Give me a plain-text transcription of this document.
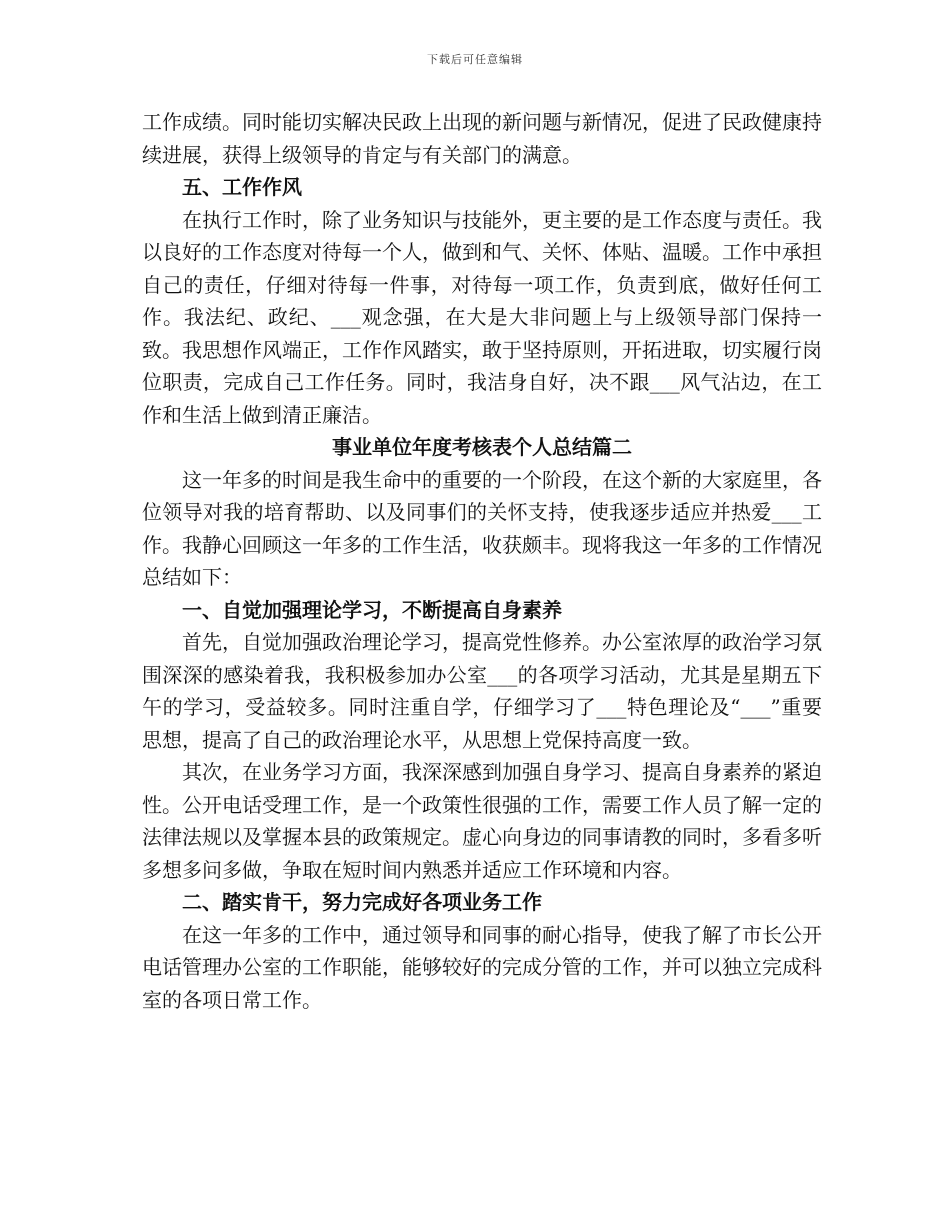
下载后可任意编辑

工作成绩。同时能切实解决民政上出现的新问题与新情况，促进了民政健康持续进展，获得上级领导的肯定与有关部门的满意。

五、工作作风

在执行工作时，除了业务知识与技能外，更主要的是工作态度与责任。我以良好的工作态度对待每一个人，做到和气、关怀、体贴、温暖。工作中承担自己的责任，仔细对待每一件事，对待每一项工作，负责到底，做好任何工作。我法纪、政纪、___观念强，在大是大非问题上与上级领导部门保持一致。我思想作风端正，工作作风踏实，敢于坚持原则，开拓进取，切实履行岗位职责，完成自己工作任务。同时，我洁身自好，决不跟___风气沾边，在工作和生活上做到清正廉洁。

事业单位年度考核表个人总结篇二

这一年多的时间是我生命中的重要的一个阶段，在这个新的大家庭里，各位领导对我的培育帮助、以及同事们的关怀支持，使我逐步适应并热爱___工作。我静心回顾这一年多的工作生活，收获颇丰。现将我这一年多的工作情况总结如下：

一、自觉加强理论学习，不断提高自身素养

首先，自觉加强政治理论学习，提高党性修养。办公室浓厚的政治学习氛围深深的感染着我，我积极参加办公室___的各项学习活动，尤其是星期五下午的学习，受益较多。同时注重自学，仔细学习了___特色理论及“___”重要思想，提高了自己的政治理论水平，从思想上党保持高度一致。

其次，在业务学习方面，我深深感到加强自身学习、提高自身素养的紧迫性。公开电话受理工作，是一个政策性很强的工作，需要工作人员了解一定的法律法规以及掌握本县的政策规定。虚心向身边的同事请教的同时，多看多听多想多问多做，争取在短时间内熟悉并适应工作环境和内容。

二、踏实肯干，努力完成好各项业务工作

在这一年多的工作中，通过领导和同事的耐心指导，使我了解了市长公开电话管理办公室的工作职能，能够较好的完成分管的工作，并可以独立完成科室的各项日常工作。
